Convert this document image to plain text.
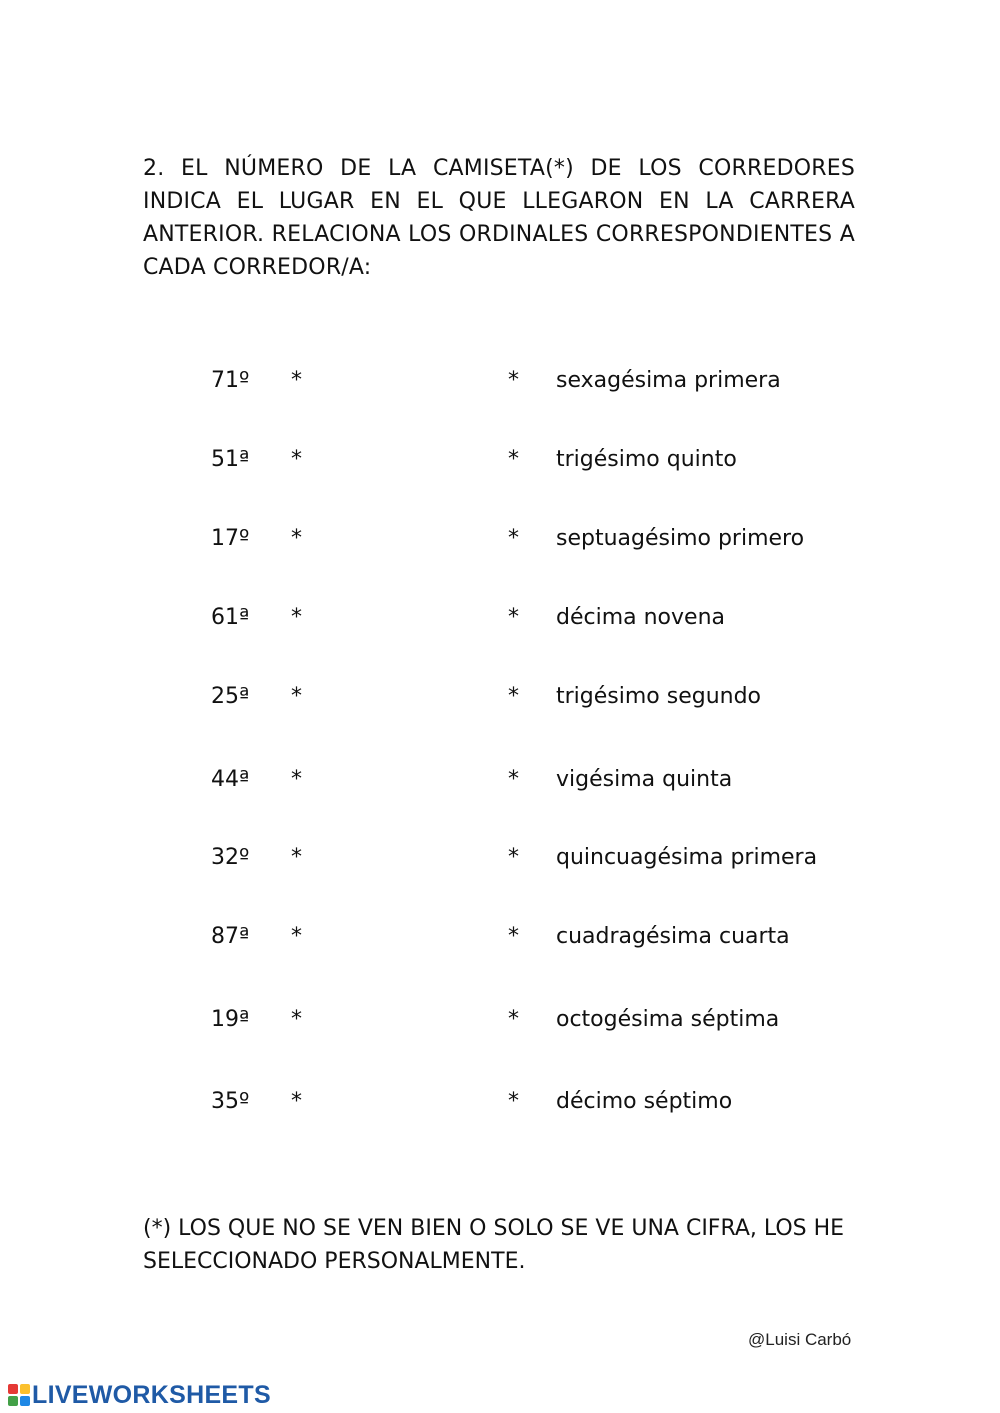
2. EL NÚMERO DE LA CAMISETA(*) DE LOS CORREDORES INDICA EL LUGAR EN EL QUE LLEGARON EN LA CARRERA ANTERIOR. RELACIONA LOS ORDINALES CORRESPONDIENTES A CADA CORREDOR/A:
71º *	* sexagésima primera
51ª *	* trigésimo quinto
17º *	* septuagésimo primero
61ª *	* décima novena
25ª *	* trigésimo segundo
44ª *	* vigésima quinta
32º *	* quincuagésima primera
87ª *	* cuadragésima cuarta
19ª *	* octogésima séptima
35º *	* décimo séptimo
(*) LOS QUE NO SE VEN BIEN O SOLO SE VE UNA CIFRA, LOS HE SELECCIONADO PERSONALMENTE.
@Luisi Carbó
LIVEWORKSHEETS
